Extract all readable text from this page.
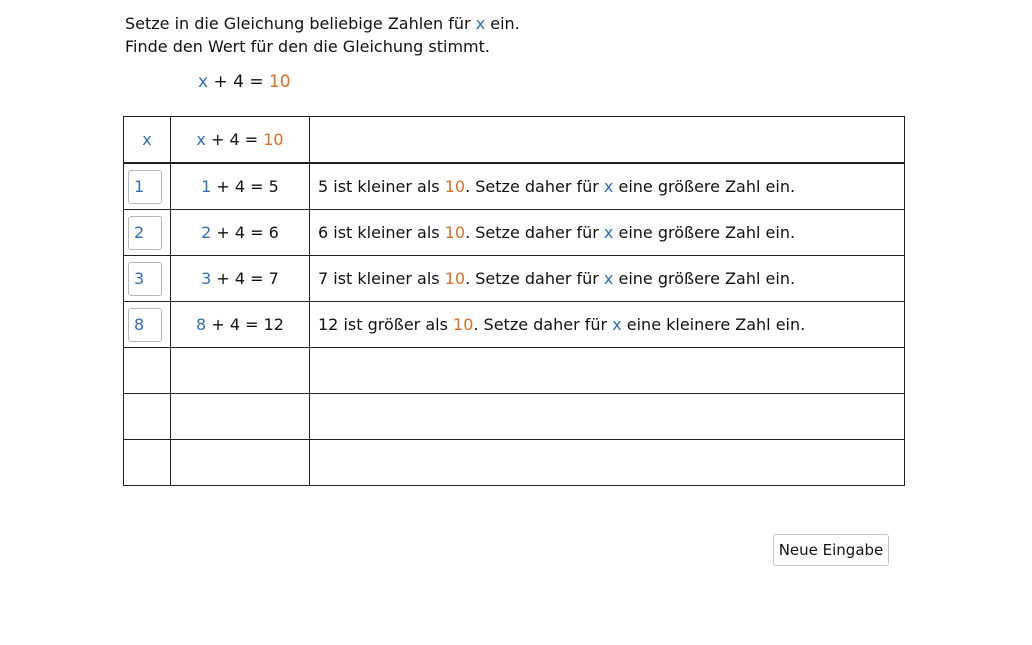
Setze in die Gleichung beliebige Zahlen für x ein.
Finde den Wert für den die Gleichung stimmt.
x + 4 = 10
x	x + 4 = 10	

1	1 + 4 = 5	5 ist kleiner als 10. Setze daher für x eine größere Zahl ein.

2	2 + 4 = 6	6 ist kleiner als 10. Setze daher für x eine größere Zahl ein.

3	3 + 4 = 7	7 ist kleiner als 10. Setze daher für x eine größere Zahl ein.

8	8 + 4 = 12	12 ist größer als 10. Setze daher für x eine kleinere Zahl ein.

Neue Eingabe
